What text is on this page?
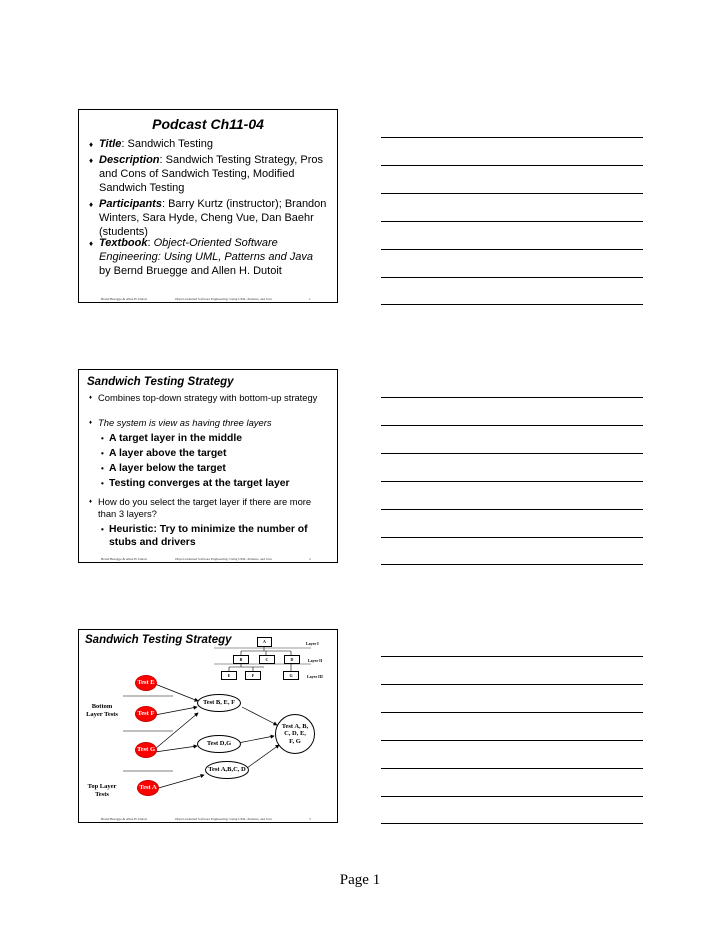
Podcast Ch11-04
♦ Title: Sandwich Testing
♦ Description: Sandwich Testing Strategy, Pros and Cons of Sandwich Testing, Modified Sandwich Testing
♦ Participants: Barry Kurtz (instructor); Brandon Winters, Sara Hyde, Cheng Vue, Dan Baehr (students)
♦ Textbook: Object-Oriented Software Engineering: Using UML, Patterns and Java by Bernd Bruegge and Allen H. Dutoit
Bernd Bruegge & Allen H. Dutoit	Object-Oriented Software Engineering: Using UML, Patterns, and Java	1
Sandwich Testing Strategy
♦ Combines top-down strategy with bottom-up strategy
♦ The system is view as having three layers
• A target layer in the middle
• A layer above the target
• A layer below the target
• Testing converges at the target layer
♦ How do you select the target layer if there are more than 3 layers?
• Heuristic: Try to minimize the number of stubs and drivers
Bernd Bruegge & Allen H. Dutoit	Object-Oriented Software Engineering: Using UML, Patterns, and Java	2
Sandwich Testing Strategy	A
B	C	D
E	F	G
Layer I
Layer II
Layer III
Test E
Test F
Test G
Test A
Test B, E, F
Test D,G
Test A,B,C, D
Test A, B, C, D, E, F, G
Bottom Layer Tests
Top Layer Tests
Bernd Bruegge & Allen H. Dutoit	Object-Oriented Software Engineering: Using UML, Patterns, and Java	3
Page 1
